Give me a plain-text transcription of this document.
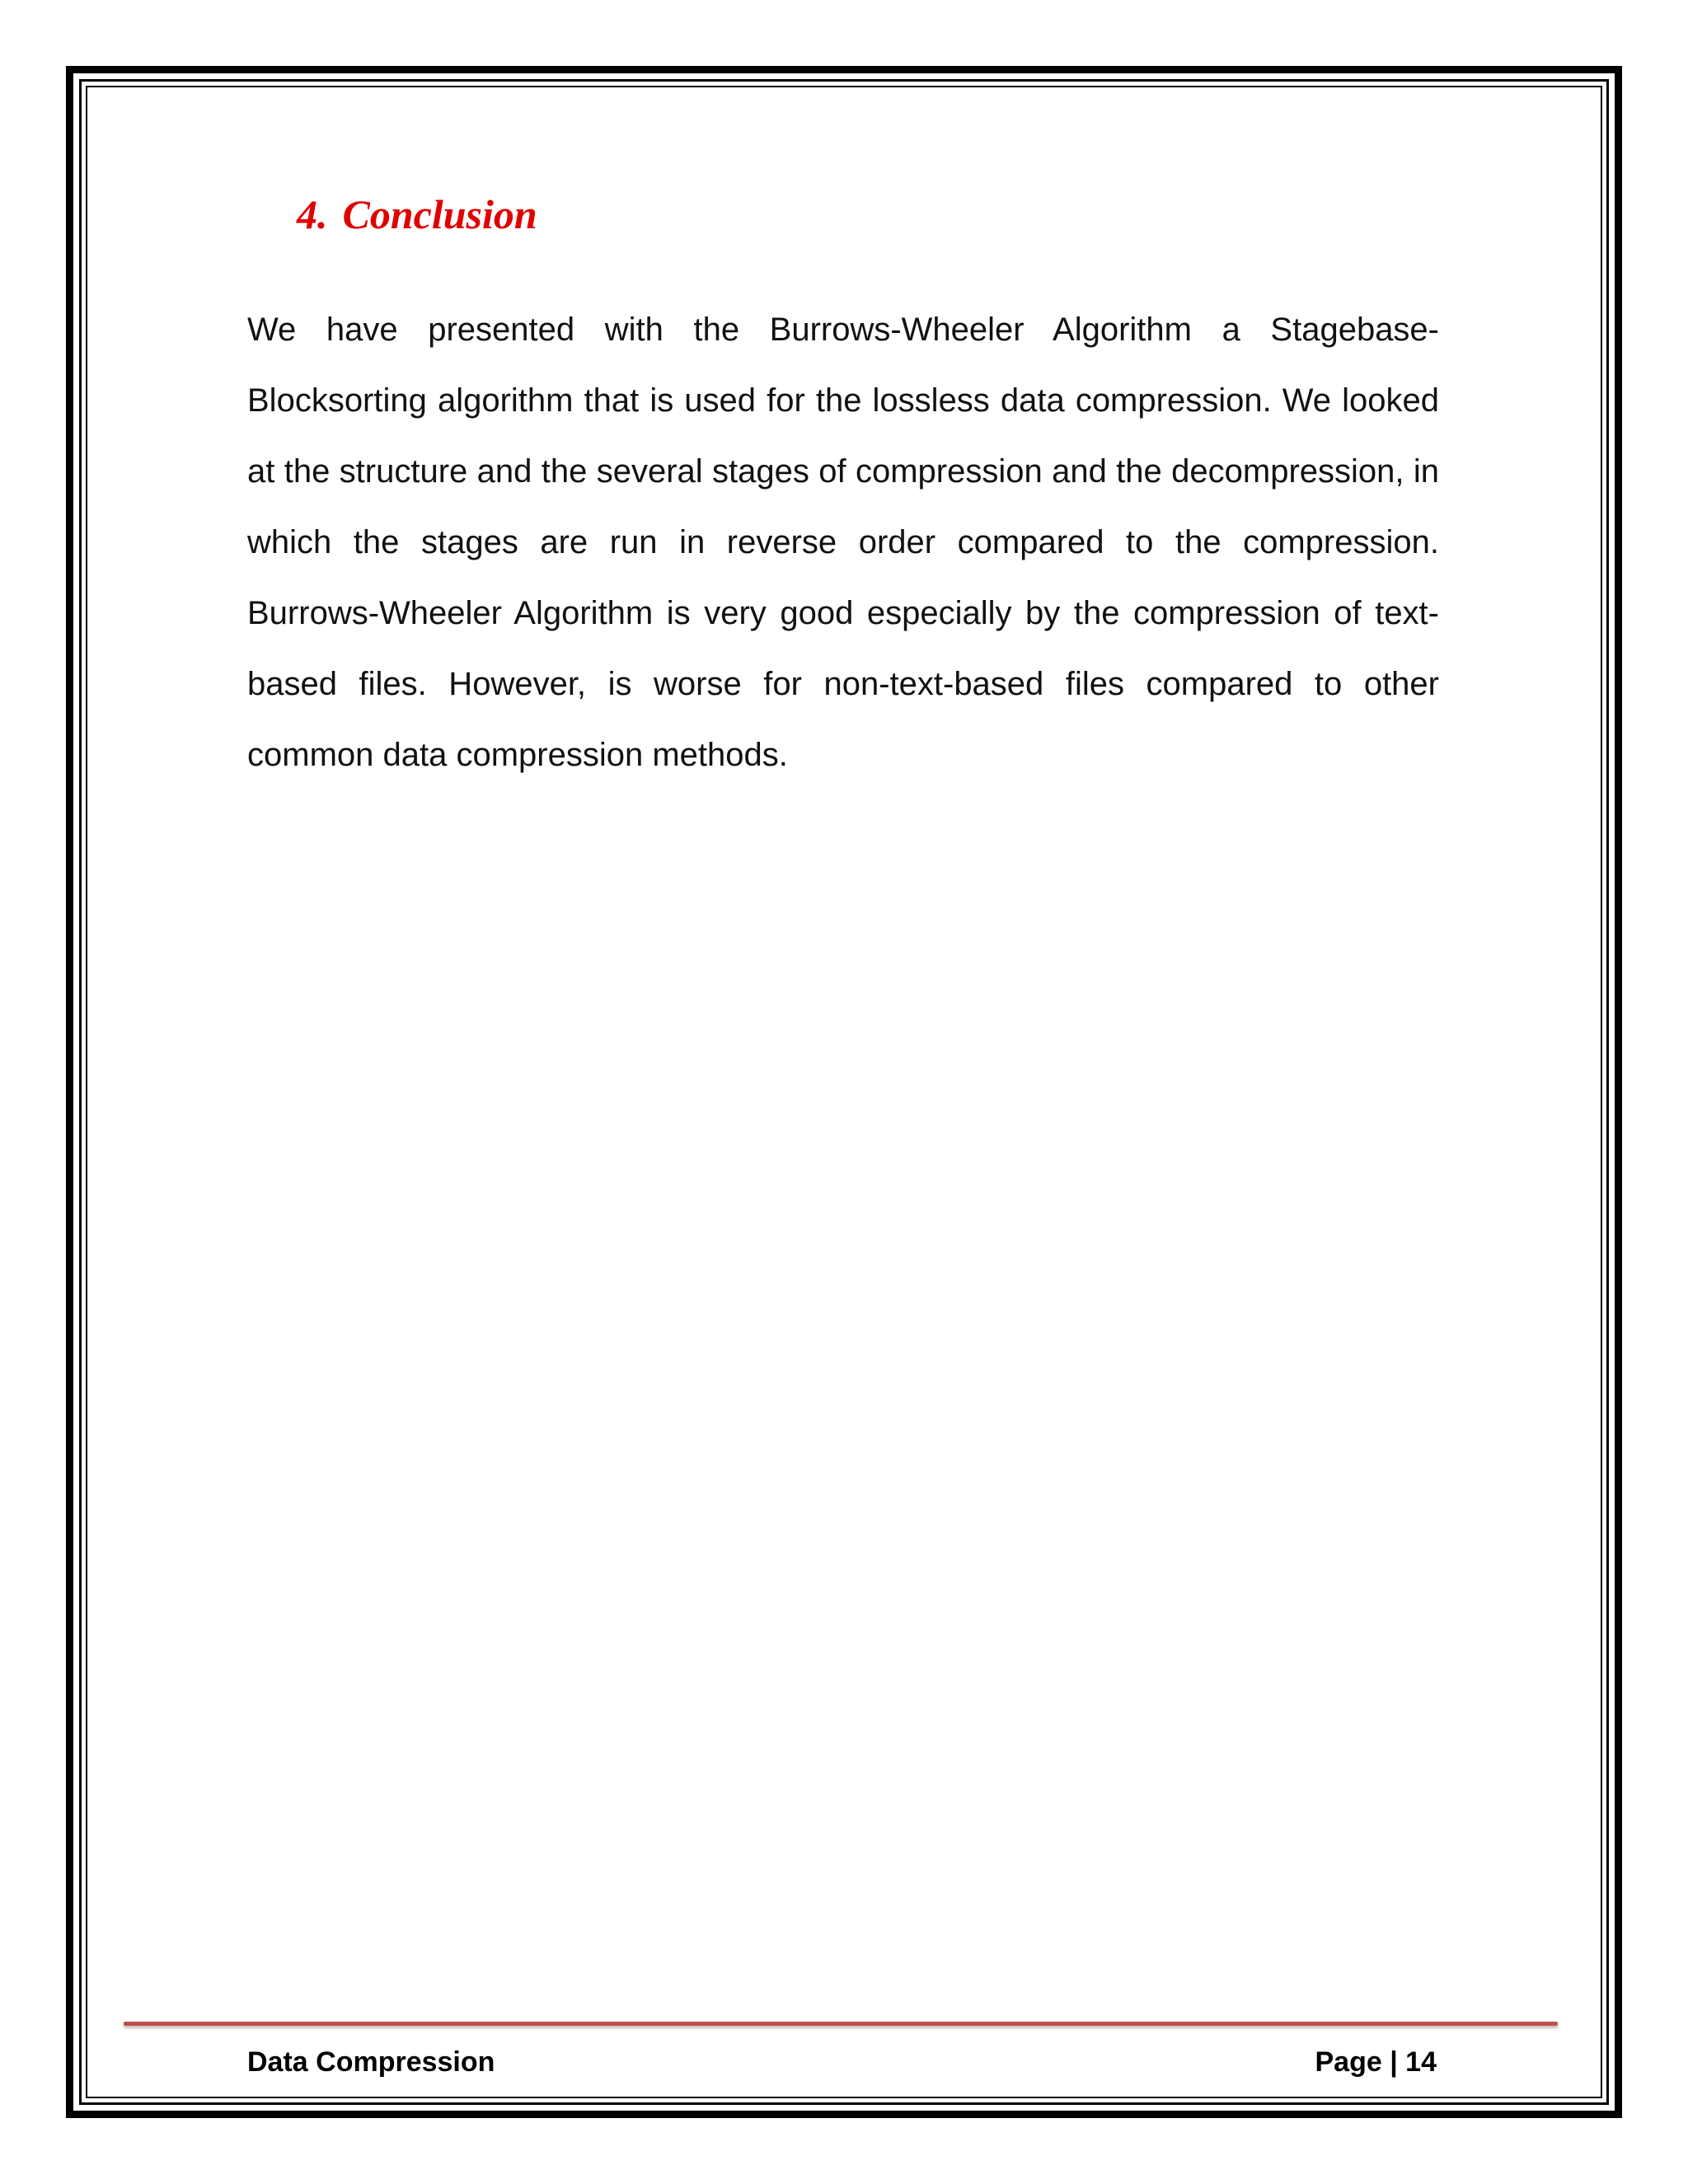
4. Conclusion

We have presented with the Burrows-Wheeler Algorithm a Stagebase-Blocksorting algorithm that is used for the lossless data compression. We looked at the structure and the several stages of compression and the decompression, in which the stages are run in reverse order compared to the compression. Burrows-Wheeler Algorithm is very good especially by the compression of text-based files. However, is worse for non-text-based files compared to other common data compression methods.

Data Compression	Page | 14
